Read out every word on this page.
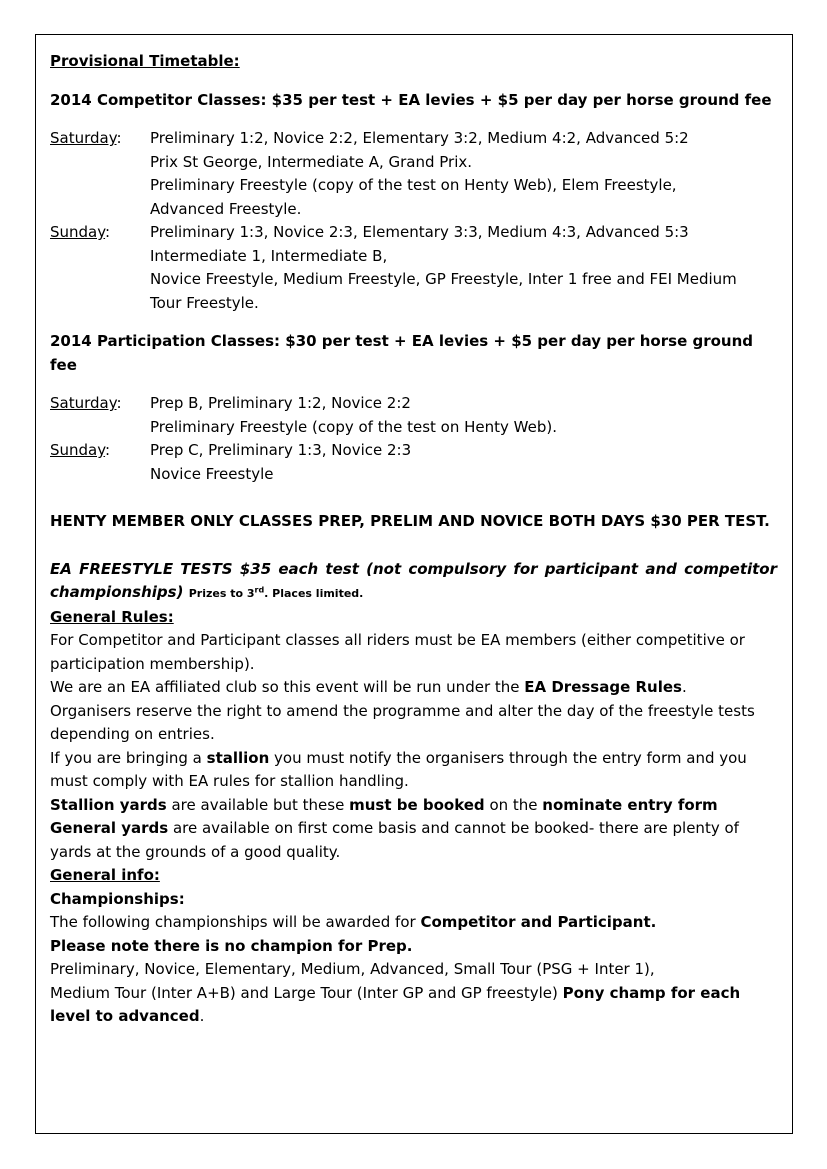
Provisional Timetable:

2014 Competitor Classes: $35 per test + EA levies + $5 per day per horse ground fee

Saturday:	Preliminary 1:2, Novice 2:2, Elementary 3:2, Medium 4:2, Advanced 5:2
Prix St George, Intermediate A, Grand Prix.
Preliminary Freestyle (copy of the test on Henty Web), Elem Freestyle,
Advanced Freestyle.
Sunday:	Preliminary 1:3, Novice 2:3, Elementary 3:3, Medium 4:3, Advanced 5:3
Intermediate 1, Intermediate B,
Novice Freestyle, Medium Freestyle, GP Freestyle, Inter 1 free and FEI Medium
Tour Freestyle.

2014 Participation Classes: $30 per test + EA levies + $5 per day per horse ground fee

Saturday:	Prep B, Preliminary 1:2, Novice 2:2
Preliminary Freestyle (copy of the test on Henty Web).
Sunday:	Prep C, Preliminary 1:3, Novice 2:3
Novice Freestyle

HENTY MEMBER ONLY CLASSES PREP, PRELIM AND NOVICE BOTH DAYS $30 PER TEST.

EA FREESTYLE TESTS $35 each test (not compulsory for participant and competitor

championships) Prizes to 3rd. Places limited.

General Rules:

For Competitor and Participant classes all riders must be EA members (either competitive or participation membership).

We are an EA affiliated club so this event will be run under the EA Dressage Rules.

Organisers reserve the right to amend the programme and alter the day of the freestyle tests depending on entries.

If you are bringing a stallion you must notify the organisers through the entry form and you must comply with EA rules for stallion handling.

Stallion yards are available but these must be booked on the nominate entry form

General yards are available on first come basis and cannot be booked- there are plenty of yards at the grounds of a good quality.

General info:

Championships:

The following championships will be awarded for Competitor and Participant.

Please note there is no champion for Prep.

Preliminary, Novice, Elementary, Medium, Advanced, Small Tour (PSG + Inter 1),

Medium Tour (Inter A+B) and Large Tour (Inter GP and GP freestyle) Pony champ for each
level to advanced.
